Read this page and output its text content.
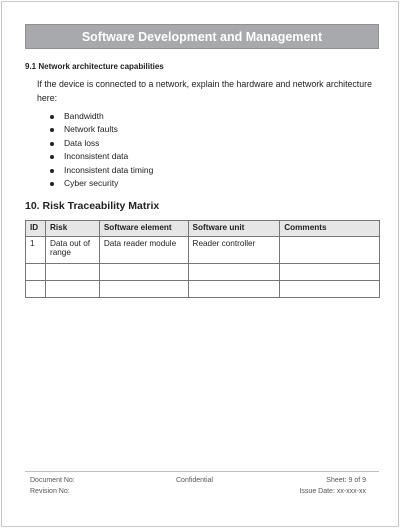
Software Development and Management
9.1 Network architecture capabilities
If the device is connected to a network, explain the hardware and network architecture here:
Bandwidth
Network faults
Data loss
Inconsistent data
Inconsistent data timing
Cyber security
10. Risk Traceability Matrix
ID	Risk	Software element	Software unit	Comments
1	Data out of range	Data reader module	Reader controller	

Document No:
Revision No:
Confidential	Sheet: 9 of 9
Issue Date: xx-xxx-xx
